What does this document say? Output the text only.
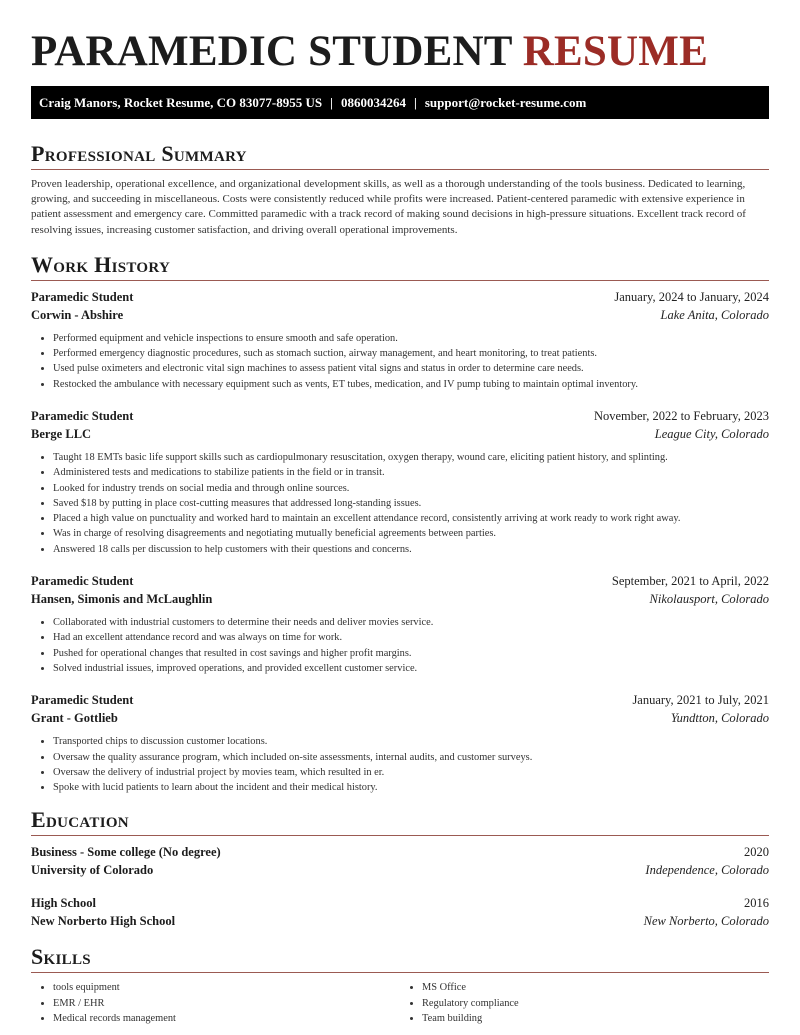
PARAMEDIC STUDENT RESUME
Craig Manors, Rocket Resume, CO 83077-8955 US | 0860034264 | support@rocket-resume.com
Professional Summary

Proven leadership, operational excellence, and organizational development skills, as well as a thorough understanding of the tools business. Dedicated to learning, growing, and succeeding in miscellaneous. Costs were consistently reduced while profits were increased. Patient-centered paramedic with extensive experience in patient assessment and emergency care. Committed paramedic with a track record of making sound decisions in high-pressure situations. Excellent track record of resolving issues, increasing customer satisfaction, and driving overall operational improvements.

Work History
Paramedic Student	January, 2024 to January, 2024
Corwin - Abshire	Lake Anita, Colorado
• Performed equipment and vehicle inspections to ensure smooth and safe operation.
• Performed emergency diagnostic procedures, such as stomach suction, airway management, and heart monitoring, to treat patients.
• Used pulse oximeters and electronic vital sign machines to assess patient vital signs and status in order to determine care needs.
• Restocked the ambulance with necessary equipment such as vents, ET tubes, medication, and IV pump tubing to maintain optimal inventory.
Paramedic Student	November, 2022 to February, 2023
Berge LLC	League City, Colorado
• Taught 18 EMTs basic life support skills such as cardiopulmonary resuscitation, oxygen therapy, wound care, eliciting patient history, and splinting.
• Administered tests and medications to stabilize patients in the field or in transit.
• Looked for industry trends on social media and through online sources.
• Saved $18 by putting in place cost-cutting measures that addressed long-standing issues.
• Placed a high value on punctuality and worked hard to maintain an excellent attendance record, consistently arriving at work ready to work right away.
• Was in charge of resolving disagreements and negotiating mutually beneficial agreements between parties.
• Answered 18 calls per discussion to help customers with their questions and concerns.
Paramedic Student	September, 2021 to April, 2022
Hansen, Simonis and McLaughlin	Nikolausport, Colorado
• Collaborated with industrial customers to determine their needs and deliver movies service.
• Had an excellent attendance record and was always on time for work.
• Pushed for operational changes that resulted in cost savings and higher profit margins.
• Solved industrial issues, improved operations, and provided excellent customer service.
Paramedic Student	January, 2021 to July, 2021
Grant - Gottlieb	Yundtton, Colorado
• Transported chips to discussion customer locations.
• Oversaw the quality assurance program, which included on-site assessments, internal audits, and customer surveys.
• Oversaw the delivery of industrial project by movies team, which resulted in er.
• Spoke with lucid patients to learn about the incident and their medical history.
Education
Business - Some college (No degree)	2020
University of Colorado	Independence, Colorado
High School	2016
New Norberto High School	New Norberto, Colorado
Skills
• tools equipment
• EMR / EHR
• Medical records management
• MS Office
• Regulatory compliance
• Team building
